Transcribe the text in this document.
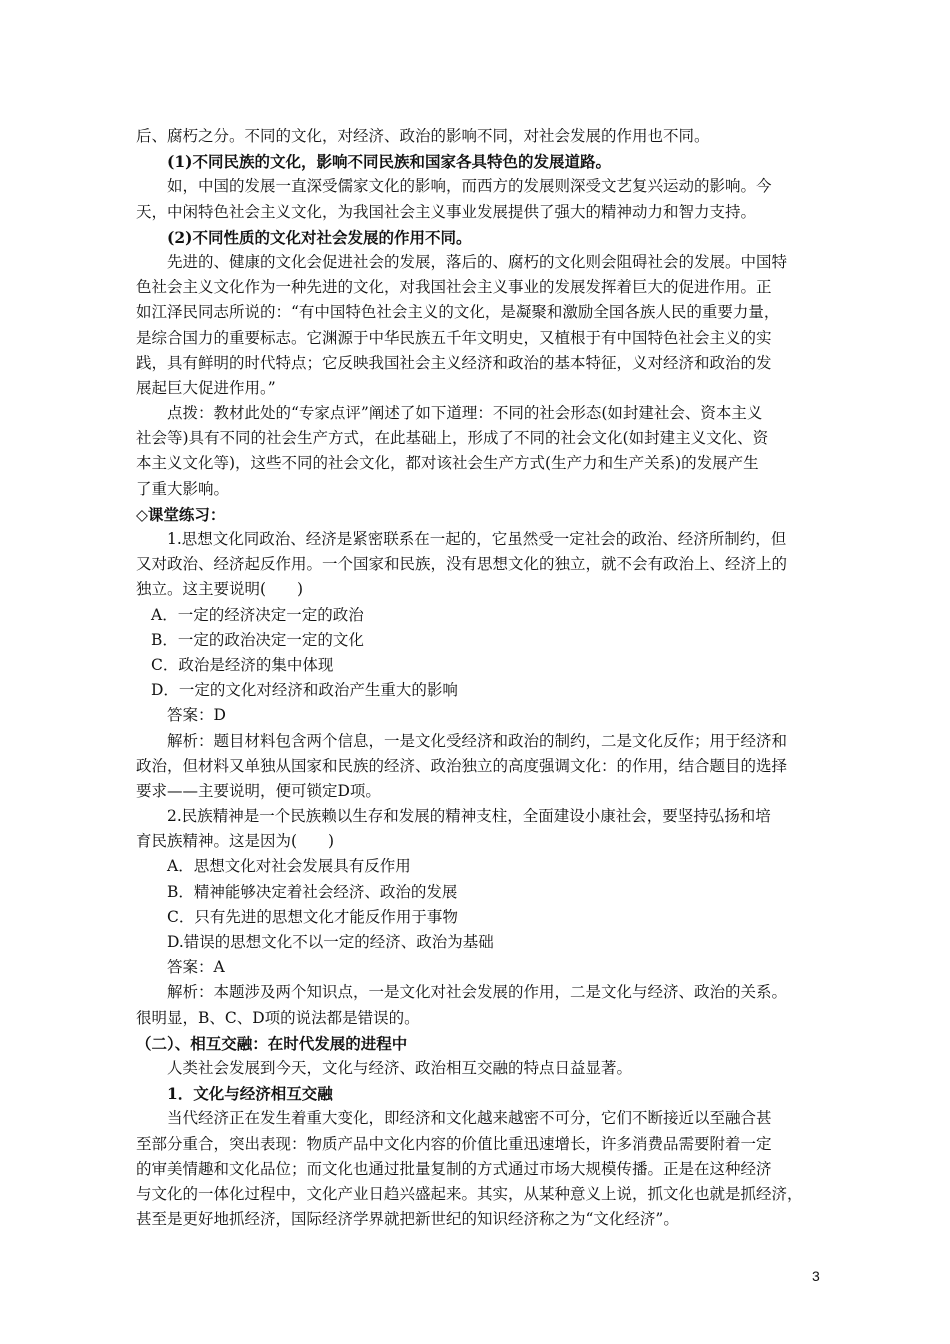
后、腐朽之分。不同的文化，对经济、政治的影响不同，对社会发展的作用也不同。
(1)不同民族的文化，影响不同民族和国家各具特色的发展道路。
如，中国的发展一直深受儒家文化的影响，而西方的发展则深受文艺复兴运动的影响。今
天，中闲特色社会主义文化，为我国社会主义事业发展提供了强大的精神动力和智力支持。
(2)不同性质的文化对社会发展的作用不同。
先进的、健康的文化会促进社会的发展，落后的、腐朽的文化则会阻碍社会的发展。中国特
色社会主义文化作为一种先进的文化，对我国社会主义事业的发展发挥着巨大的促进作用。正
如江泽民同志所说的：“有中国特色社会主义的文化，是凝聚和激励全国各族人民的重要力量，
是综合国力的重要标志。它渊源于中华民族五千年文明史，又植根于有中国特色社会主义的实
践，具有鲜明的时代特点；它反映我国社会主义经济和政治的基本特征，义对经济和政治的发
展起巨大促进作用。”
点拨：教材此处的“专家点评”阐述了如下道理：不同的社会形态(如封建社会、资本主义
社会等)具有不同的社会生产方式，在此基础上，形成了不同的社会文化(如封建主义文化、资
本主义文化等)，这些不同的社会文化，都对该社会生产方式(生产力和生产关系)的发展产生
了重大影响。
◇课堂练习：
1.思想文化同政治、经济是紧密联系在一起的，它虽然受一定社会的政治、经济所制约，但
又对政治、经济起反作用。一个国家和民族，没有思想文化的独立，就不会有政治上、经济上的
独立。这主要说明(　　)
A．一定的经济决定一定的政治
B．一定的政治决定一定的文化
C．政治是经济的集中体现
D．一定的文化对经济和政治产生重大的影响
答案：D
解析：题目材料包含两个信息，一是文化受经济和政治的制约，二是文化反作；用于经济和
政治，但材料又单独从国家和民族的经济、政治独立的高度强调文化：的作用，结合题目的选择
要求——主要说明，便可锁定D项。
2.民族精神是一个民族赖以生存和发展的精神支柱，全面建设小康社会，要坚持弘扬和培
育民族精神。这是因为(　　)
A．思想文化对社会发展具有反作用
B．精神能够决定着社会经济、政治的发展
C．只有先进的思想文化才能反作用于事物
D.错误的思想文化不以一定的经济、政治为基础
答案：A
解析：本题涉及两个知识点，一是文化对社会发展的作用，二是文化与经济、政治的关系。
很明显，B、C、D项的说法都是错误的。
（二）、相互交融：在时代发展的进程中
人类社会发展到今天，文化与经济、政治相互交融的特点日益显著。
1．文化与经济相互交融
当代经济正在发生着重大变化，即经济和文化越来越密不可分，它们不断接近以至融合甚
至部分重合，突出表现：物质产品中文化内容的价值比重迅速增长，许多消费品需要附着一定
的审美情趣和文化品位；而文化也通过批量复制的方式通过市场大规模传播。正是在这种经济
与文化的一体化过程中，文化产业日趋兴盛起来。其实，从某种意义上说，抓文化也就是抓经济，
甚至是更好地抓经济，国际经济学界就把新世纪的知识经济称之为“文化经济”。
3
